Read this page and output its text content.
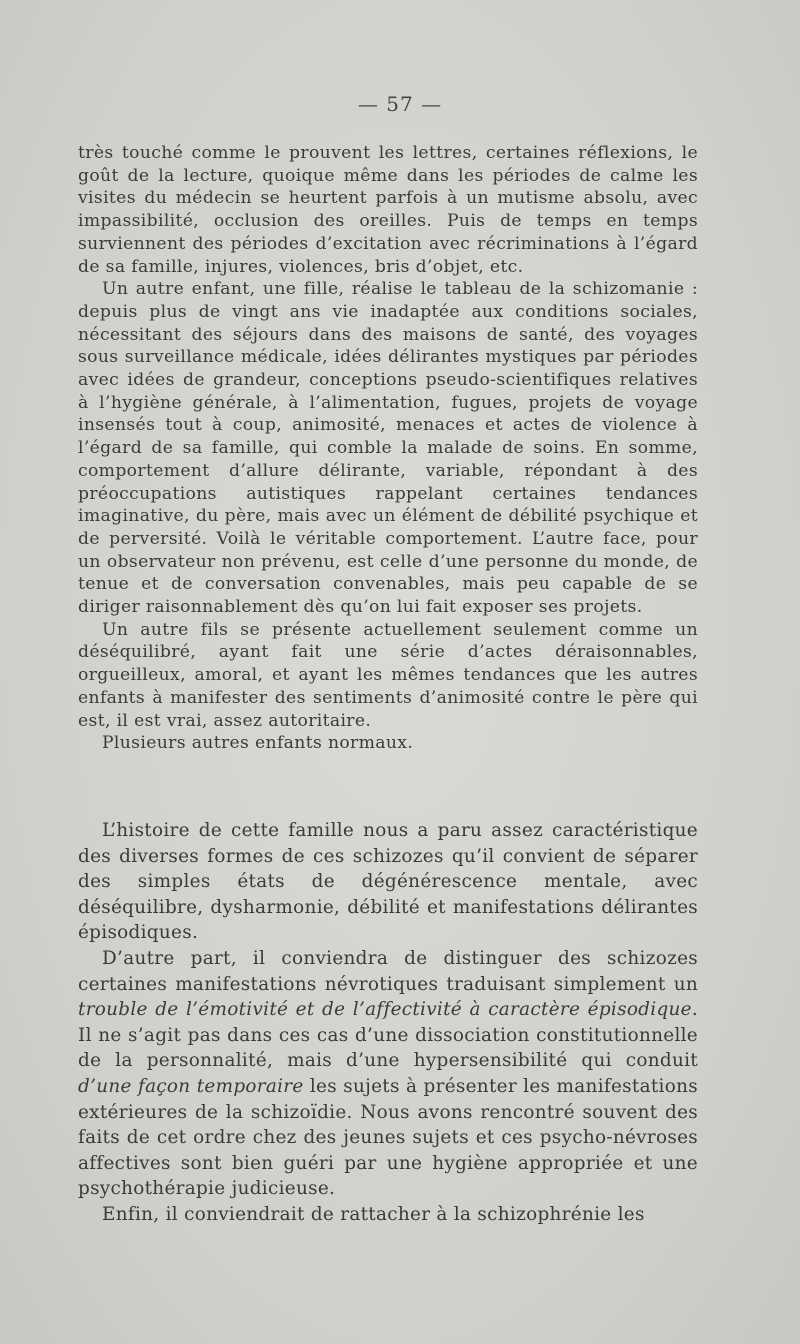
— 57 —

très touché comme le prouvent les lettres, certaines réflexions, le goût de la lecture, quoique même dans les périodes de calme les visites du médecin se heurtent parfois à un mutisme absolu, avec impassibilité, occlusion des oreilles. Puis de temps en temps surviennent des périodes d’excitation avec récriminations à l’égard de sa famille, injures, violences, bris d’objet, etc.

Un autre enfant, une fille, réalise le tableau de la schizomanie : depuis plus de vingt ans vie inadaptée aux conditions sociales, nécessitant des séjours dans des maisons de santé, des voyages sous surveillance médicale, idées délirantes mystiques par périodes avec idées de grandeur, conceptions pseudo-scientifiques relatives à l’hygiène générale, à l’alimentation, fugues, projets de voyage insensés tout à coup, animosité, menaces et actes de violence à l’égard de sa famille, qui comble la malade de soins. En somme, comportement d’allure délirante, variable, répondant à des préoccupations autistiques rappelant certaines tendances imaginative, du père, mais avec un élément de débilité psychique et de perversité. Voilà le véritable comportement. L’autre face, pour un observateur non prévenu, est celle d’une personne du monde, de tenue et de conversation convenables, mais peu capable de se diriger raisonnablement dès qu’on lui fait exposer ses projets.

Un autre fils se présente actuellement seulement comme un déséquilibré, ayant fait une série d’actes déraisonnables, orgueilleux, amoral, et ayant les mêmes tendances que les autres enfants à manifester des sentiments d’animosité contre le père qui est, il est vrai, assez autoritaire.

Plusieurs autres enfants normaux.

L’histoire de cette famille nous a paru assez caractéristique des diverses formes de ces schizozes qu’il convient de séparer des simples états de dégénérescence mentale, avec déséquilibre, dysharmonie, débilité et manifestations délirantes épisodiques.

D’autre part, il conviendra de distinguer des schizozes certaines manifestations névrotiques traduisant simplement un trouble de l’émotivité et de l’affectivité à caractère épisodique. Il ne s’agit pas dans ces cas d’une dissociation constitutionnelle de la personnalité, mais d’une hypersensibilité qui conduit d’une façon temporaire les sujets à présenter les manifestations extérieures de la schizoïdie. Nous avons rencontré souvent des faits de cet ordre chez des jeunes sujets et ces psycho-névroses affectives sont bien guéri par une hygiène appropriée et une psychothérapie judicieuse.

Enfin, il conviendrait de rattacher à la schizophrénie les
